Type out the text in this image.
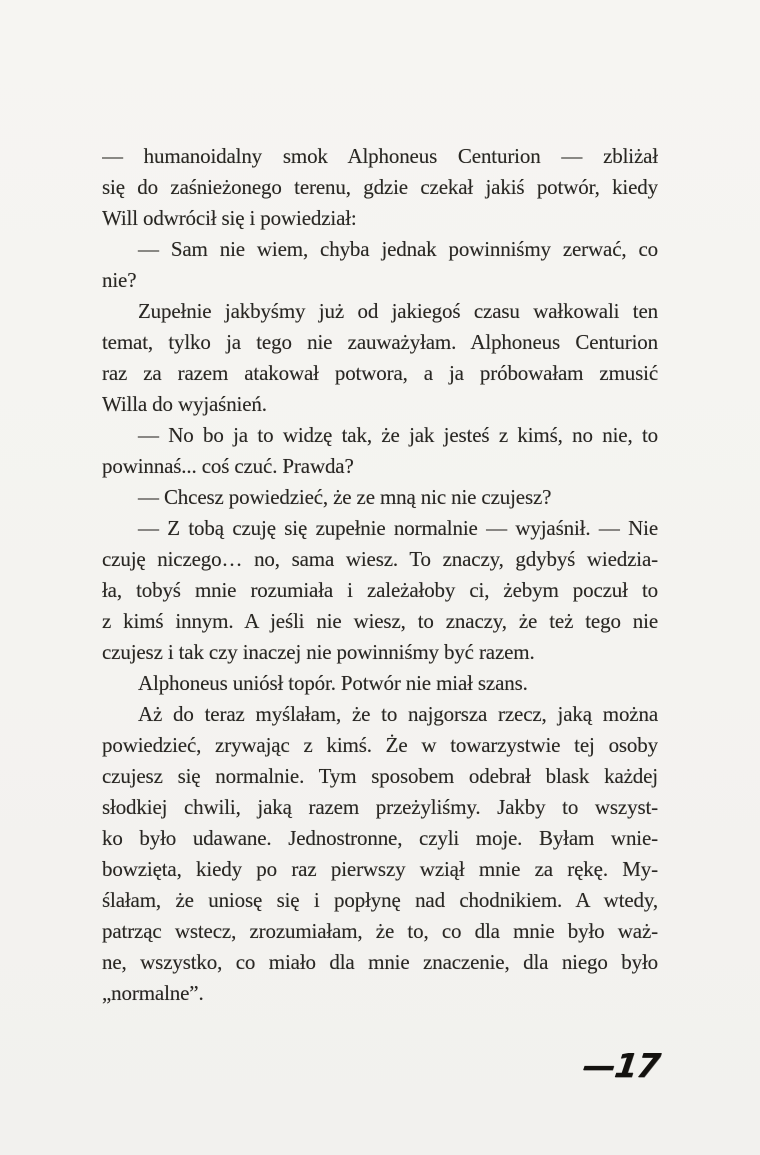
— humanoidalny smok Alphoneus Centurion — zbliżał
się do zaśnieżonego terenu, gdzie czekał jakiś potwór, kiedy
Will odwrócił się i powiedział:
— Sam nie wiem, chyba jednak powinniśmy zerwać, co
nie?
Zupełnie jakbyśmy już od jakiegoś czasu wałkowali ten
temat, tylko ja tego nie zauważyłam. Alphoneus Centurion
raz za razem atakował potwora, a ja próbowałam zmusić
Willa do wyjaśnień.
— No bo ja to widzę tak, że jak jesteś z kimś, no nie, to
powinnaś... coś czuć. Prawda?
— Chcesz powiedzieć, że ze mną nic nie czujesz?
— Z tobą czuję się zupełnie normalnie — wyjaśnił. — Nie
czuję niczego… no, sama wiesz. To znaczy, gdybyś wiedzia-
ła, tobyś mnie rozumiała i zależałoby ci, żebym poczuł to
z kimś innym. A jeśli nie wiesz, to znaczy, że też tego nie
czujesz i tak czy inaczej nie powinniśmy być razem.
Alphoneus uniósł topór. Potwór nie miał szans.
Aż do teraz myślałam, że to najgorsza rzecz, jaką można
powiedzieć, zrywając z kimś. Że w towarzystwie tej osoby
czujesz się normalnie. Tym sposobem odebrał blask każdej
słodkiej chwili, jaką razem przeżyliśmy. Jakby to wszyst-
ko było udawane. Jednostronne, czyli moje. Byłam wnie-
bowzięta, kiedy po raz pierwszy wziął mnie za rękę. My-
ślałam, że uniosę się i popłynę nad chodnikiem. A wtedy,
patrząc wstecz, zrozumiałam, że to, co dla mnie było waż-
ne, wszystko, co miało dla mnie znaczenie, dla niego było
„normalne”.
—17
